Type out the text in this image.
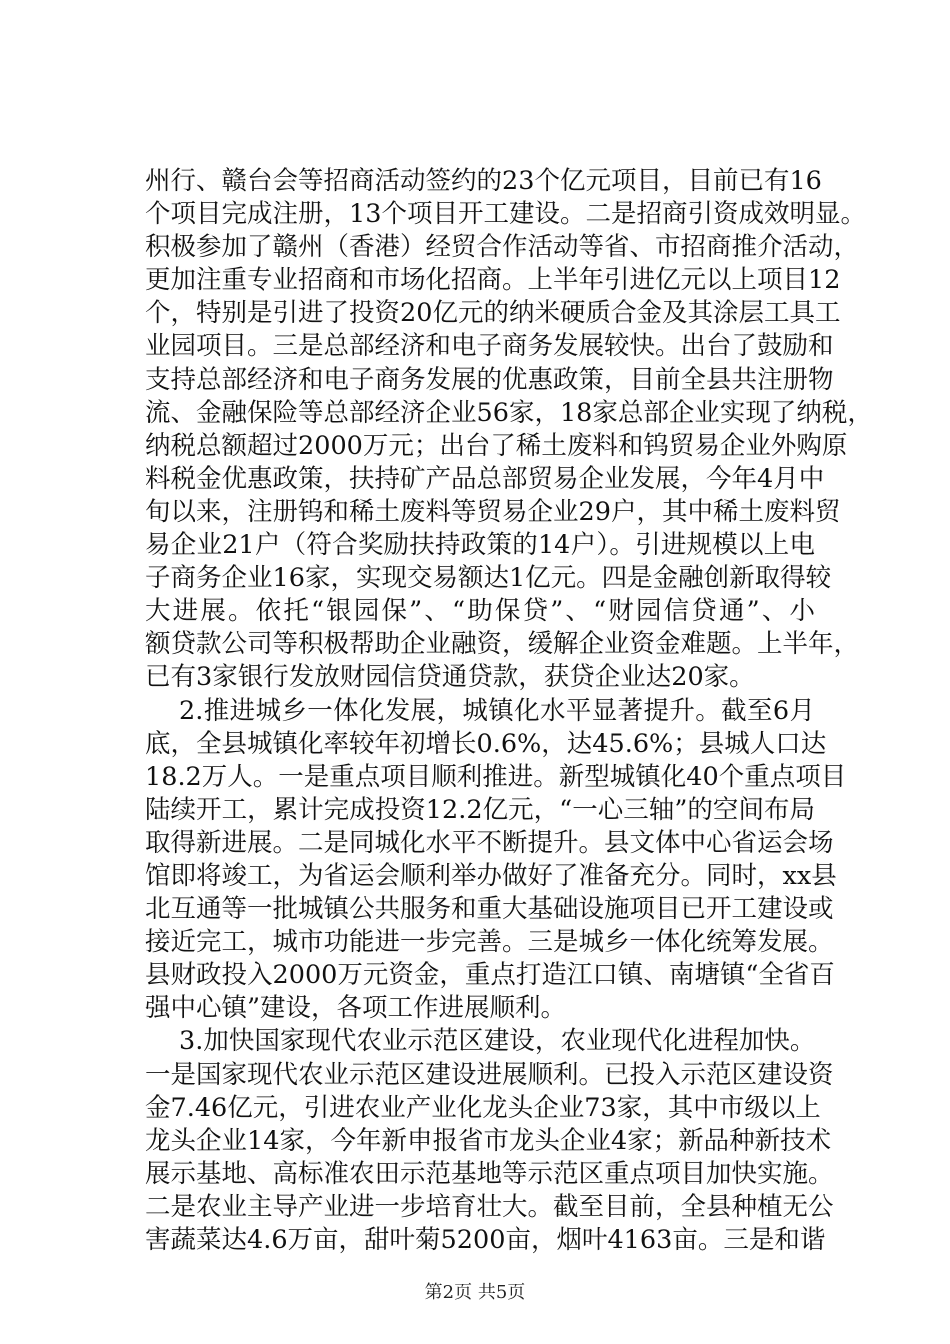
州行、赣台会等招商活动签约的23个亿元项目，目前已有16
个项目完成注册，13个项目开工建设。二是招商引资成效明显。
积极参加了赣州（香港）经贸合作活动等省、市招商推介活动，
更加注重专业招商和市场化招商。上半年引进亿元以上项目12
个，特别是引进了投资20亿元的纳米硬质合金及其涂层工具工
业园项目。三是总部经济和电子商务发展较快。出台了鼓励和
支持总部经济和电子商务发展的优惠政策，目前全县共注册物
流、金融保险等总部经济企业56家，18家总部企业实现了纳税，
纳税总额超过2000万元；出台了稀土废料和钨贸易企业外购原
料税金优惠政策，扶持矿产品总部贸易企业发展，今年4月中
旬以来，注册钨和稀土废料等贸易企业29户，其中稀土废料贸
易企业21户（符合奖励扶持政策的14户）。引进规模以上电
子商务企业16家，实现交易额达1亿元。四是金融创新取得较
大进展。依托“银园保”、“助保贷”、“财园信贷通”、小
额贷款公司等积极帮助企业融资，缓解企业资金难题。上半年，
已有3家银行发放财园信贷通贷款，获贷企业达20家。
2.推进城乡一体化发展，城镇化水平显著提升。截至6月
底，全县城镇化率较年初增长0.6%，达45.6%；县城人口达
18.2万人。一是重点项目顺利推进。新型城镇化40个重点项目
陆续开工，累计完成投资12.2亿元，“一心三轴”的空间布局
取得新进展。二是同城化水平不断提升。县文体中心省运会场
馆即将竣工，为省运会顺利举办做好了准备充分。同时，xx县
北互通等一批城镇公共服务和重大基础设施项目已开工建设或
接近完工，城市功能进一步完善。三是城乡一体化统筹发展。
县财政投入2000万元资金，重点打造江口镇、南塘镇“全省百
强中心镇”建设，各项工作进展顺利。
3.加快国家现代农业示范区建设，农业现代化进程加快。
一是国家现代农业示范区建设进展顺利。已投入示范区建设资
金7.46亿元，引进农业产业化龙头企业73家，其中市级以上
龙头企业14家，今年新申报省市龙头企业4家；新品种新技术
展示基地、高标准农田示范基地等示范区重点项目加快实施。
二是农业主导产业进一步培育壮大。截至目前，全县种植无公
害蔬菜达4.6万亩，甜叶菊5200亩，烟叶4163亩。三是和谐
第2页 共5页
